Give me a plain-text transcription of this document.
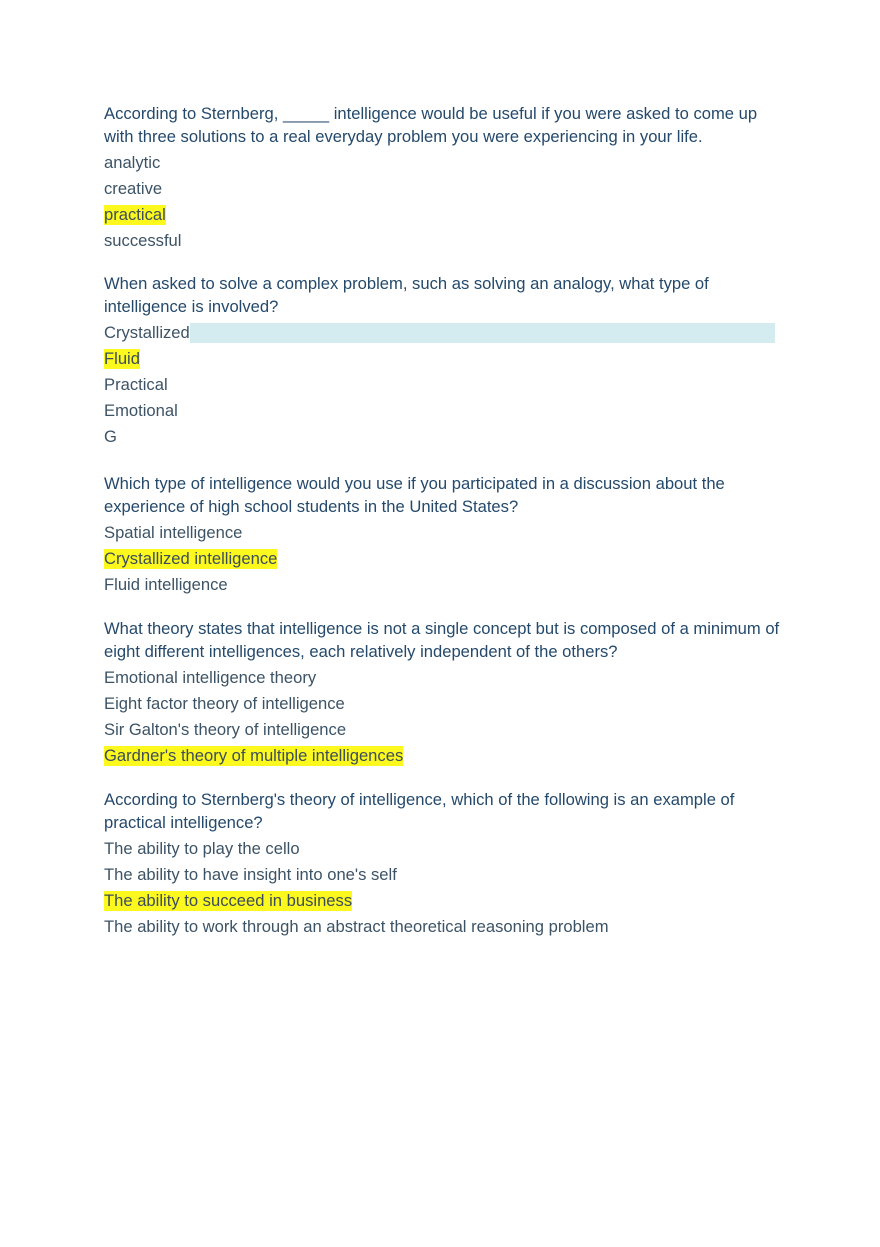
According to Sternberg, _____ intelligence would be useful if you were asked to come up with three solutions to a real everyday problem you were experiencing in your life.

analytic
creative
practical
successful

When asked to solve a complex problem, such as solving an analogy, what type of intelligence is involved?

Crystallized
Fluid
Practical
Emotional
G

Which type of intelligence would you use if you participated in a discussion about the experience of high school students in the United States?

Spatial intelligence
Crystallized intelligence
Fluid intelligence

What theory states that intelligence is not a single concept but is composed of a minimum of eight different intelligences, each relatively independent of the others?

Emotional intelligence theory
Eight factor theory of intelligence
Sir Galton's theory of intelligence
Gardner's theory of multiple intelligences

According to Sternberg's theory of intelligence, which of the following is an example of practical intelligence?

The ability to play the cello
The ability to have insight into one's self
The ability to succeed in business
The ability to work through an abstract theoretical reasoning problem
